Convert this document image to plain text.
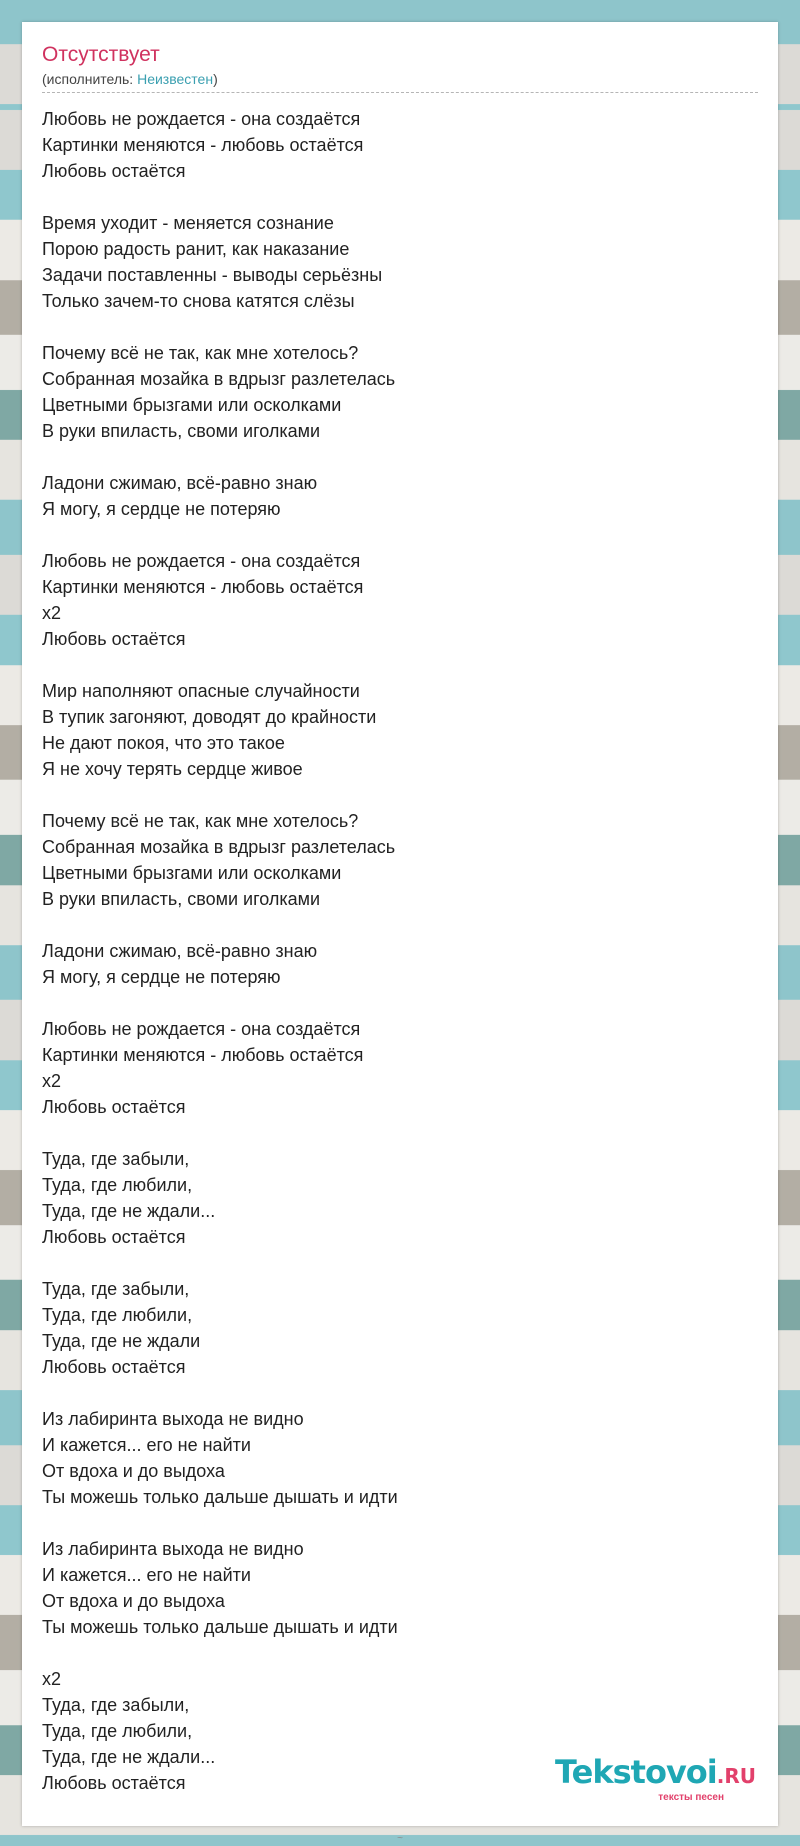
Отсутствует
(исполнитель: Неизвестен)
Любовь не рождается - она создаётся
Картинки меняются - любовь остаётся
Любовь остаётся
Время уходит - меняется сознание
Порою радость ранит, как наказание
Задачи поставленны - выводы серьёзны
Только зачем-то снова катятся слёзы
Почему всё не так, как мне хотелось?
Собранная мозайка в вдрызг разлетелась
Цветными брызгами или осколками
В руки впиласть, своми иголками
Ладони сжимаю, всё-равно знаю
Я могу, я сердце не потеряю
Любовь не рождается - она создаётся
Картинки меняются - любовь остаётся
x2
Любовь остаётся
Мир наполняют опасные случайности
В тупик загоняют, доводят до крайности
Не дают покоя, что это такое
Я не хочу терять сердце живое
Почему всё не так, как мне хотелось?
Собранная мозайка в вдрызг разлетелась
Цветными брызгами или осколками
В руки впиласть, своми иголками
Ладони сжимаю, всё-равно знаю
Я могу, я сердце не потеряю
Любовь не рождается - она создаётся
Картинки меняются - любовь остаётся
x2
Любовь остаётся
Туда, где забыли,
Туда, где любили,
Туда, где не ждали...
Любовь остаётся
Туда, где забыли,
Туда, где любили,
Туда, где не ждали
Любовь остаётся
Из лабиринта выхода не видно
И кажется... его не найти
От вдоха и до выдоха
Ты можешь только дальше дышать и идти
Из лабиринта выхода не видно
И кажется... его не найти
От вдоха и до выдоха
Ты можешь только дальше дышать и идти
x2
Туда, где забыли,
Туда, где любили,
Туда, где не ждали...
Любовь остаётся	Tekstovoi.RU
тексты песен
~
